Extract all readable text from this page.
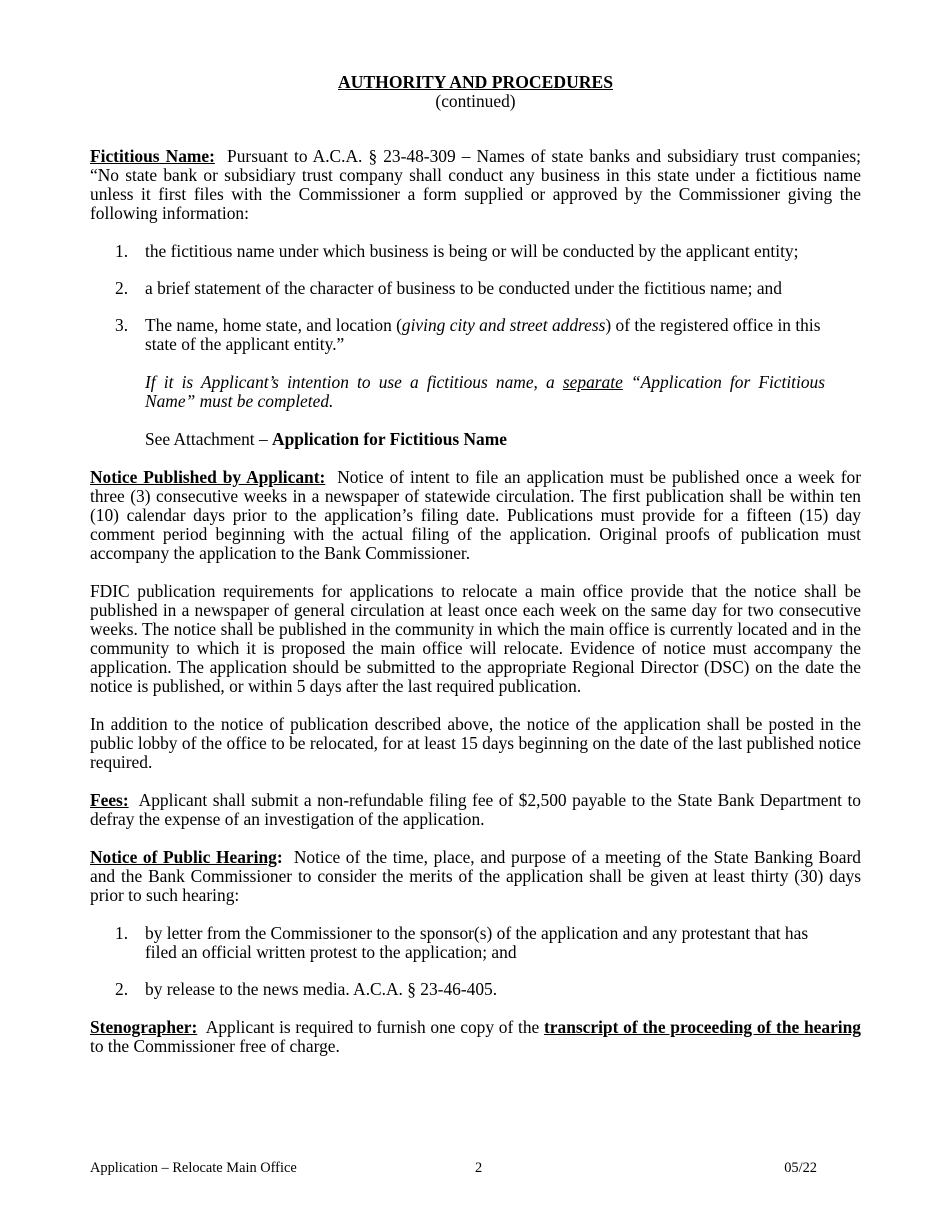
AUTHORITY AND PROCEDURES
(continued)

Fictitious Name: Pursuant to A.C.A. § 23-48-309 – Names of state banks and subsidiary trust companies; “No state bank or subsidiary trust company shall conduct any business in this state under a fictitious name unless it first files with the Commissioner a form supplied or approved by the Commissioner giving the following information:

1. the fictitious name under which business is being or will be conducted by the applicant entity;
2. a brief statement of the character of business to be conducted under the fictitious name; and
3. The name, home state, and location (giving city and street address) of the registered office in this state of the applicant entity.”

If it is Applicant’s intention to use a fictitious name, a separate “Application for Fictitious Name” must be completed.

See Attachment – Application for Fictitious Name

Notice Published by Applicant: Notice of intent to file an application must be published once a week for three (3) consecutive weeks in a newspaper of statewide circulation. The first publication shall be within ten (10) calendar days prior to the application’s filing date. Publications must provide for a fifteen (15) day comment period beginning with the actual filing of the application. Original proofs of publication must accompany the application to the Bank Commissioner.

FDIC publication requirements for applications to relocate a main office provide that the notice shall be published in a newspaper of general circulation at least once each week on the same day for two consecutive weeks. The notice shall be published in the community in which the main office is currently located and in the community to which it is proposed the main office will relocate. Evidence of notice must accompany the application. The application should be submitted to the appropriate Regional Director (DSC) on the date the notice is published, or within 5 days after the last required publication.

In addition to the notice of publication described above, the notice of the application shall be posted in the public lobby of the office to be relocated, for at least 15 days beginning on the date of the last published notice required.

Fees: Applicant shall submit a non-refundable filing fee of $2,500 payable to the State Bank Department to defray the expense of an investigation of the application.

Notice of Public Hearing: Notice of the time, place, and purpose of a meeting of the State Banking Board and the Bank Commissioner to consider the merits of the application shall be given at least thirty (30) days prior to such hearing:

1. by letter from the Commissioner to the sponsor(s) of the application and any protestant that has filed an official written protest to the application; and
2. by release to the news media. A.C.A. § 23-46-405.

Stenographer: Applicant is required to furnish one copy of the transcript of the proceeding of the hearing to the Commissioner free of charge.

Application – Relocate Main Office	2	05/22
